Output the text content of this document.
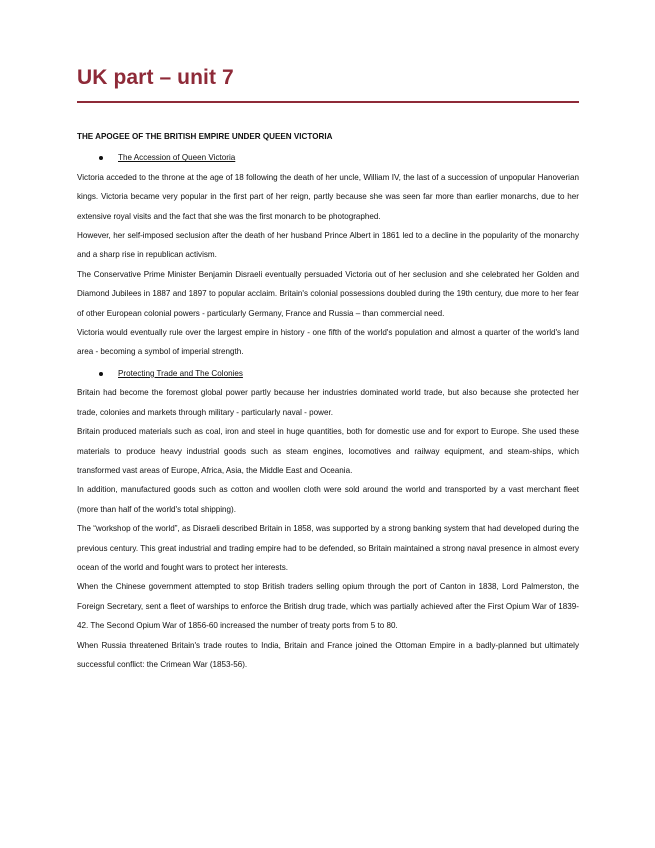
UK part – unit 7
THE APOGEE OF THE BRITISH EMPIRE UNDER QUEEN VICTORIA
The Accession of Queen Victoria

Victoria acceded to the throne at the age of 18 following the death of her uncle, William IV, the last of a succession of unpopular Hanoverian kings. Victoria became very popular in the first part of her reign, partly because she was seen far more than earlier monarchs, due to her extensive royal visits and the fact that she was the first monarch to be photographed.

However, her self-imposed seclusion after the death of her husband Prince Albert in 1861 led to a decline in the popularity of the monarchy and a sharp rise in republican activism.

The Conservative Prime Minister Benjamin Disraeli eventually persuaded Victoria out of her seclusion and she celebrated her Golden and Diamond Jubilees in 1887 and 1897 to popular acclaim. Britain's colonial possessions doubled during the 19th century, due more to her fear of other European colonial powers - particularly Germany, France and Russia – than commercial need.

Victoria would eventually rule over the largest empire in history - one fifth of the world's population and almost a quarter of the world's land area - becoming a symbol of imperial strength.

Protecting Trade and The Colonies

Britain had become the foremost global power partly because her industries dominated world trade, but also because she protected her trade, colonies and markets through military - particularly naval - power.

Britain produced materials such as coal, iron and steel in huge quantities, both for domestic use and for export to Europe. She used these materials to produce heavy industrial goods such as steam engines, locomotives and railway equipment, and steam-ships, which transformed vast areas of Europe, Africa, Asia, the Middle East and Oceania.

In addition, manufactured goods such as cotton and woollen cloth were sold around the world and transported by a vast merchant fleet (more than half of the world's total shipping).

The “workshop of the world”, as Disraeli described Britain in 1858, was supported by a strong banking system that had developed during the previous century. This great industrial and trading empire had to be defended, so Britain maintained a strong naval presence in almost every ocean of the world and fought wars to protect her interests.

When the Chinese government attempted to stop British traders selling opium through the port of Canton in 1838, Lord Palmerston, the Foreign Secretary, sent a fleet of warships to enforce the British drug trade, which was partially achieved after the First Opium War of 1839-42. The Second Opium War of 1856-60 increased the number of treaty ports from 5 to 80.

When Russia threatened Britain's trade routes to India, Britain and France joined the Ottoman Empire in a badly-planned but ultimately successful conflict: the Crimean War (1853-56).
